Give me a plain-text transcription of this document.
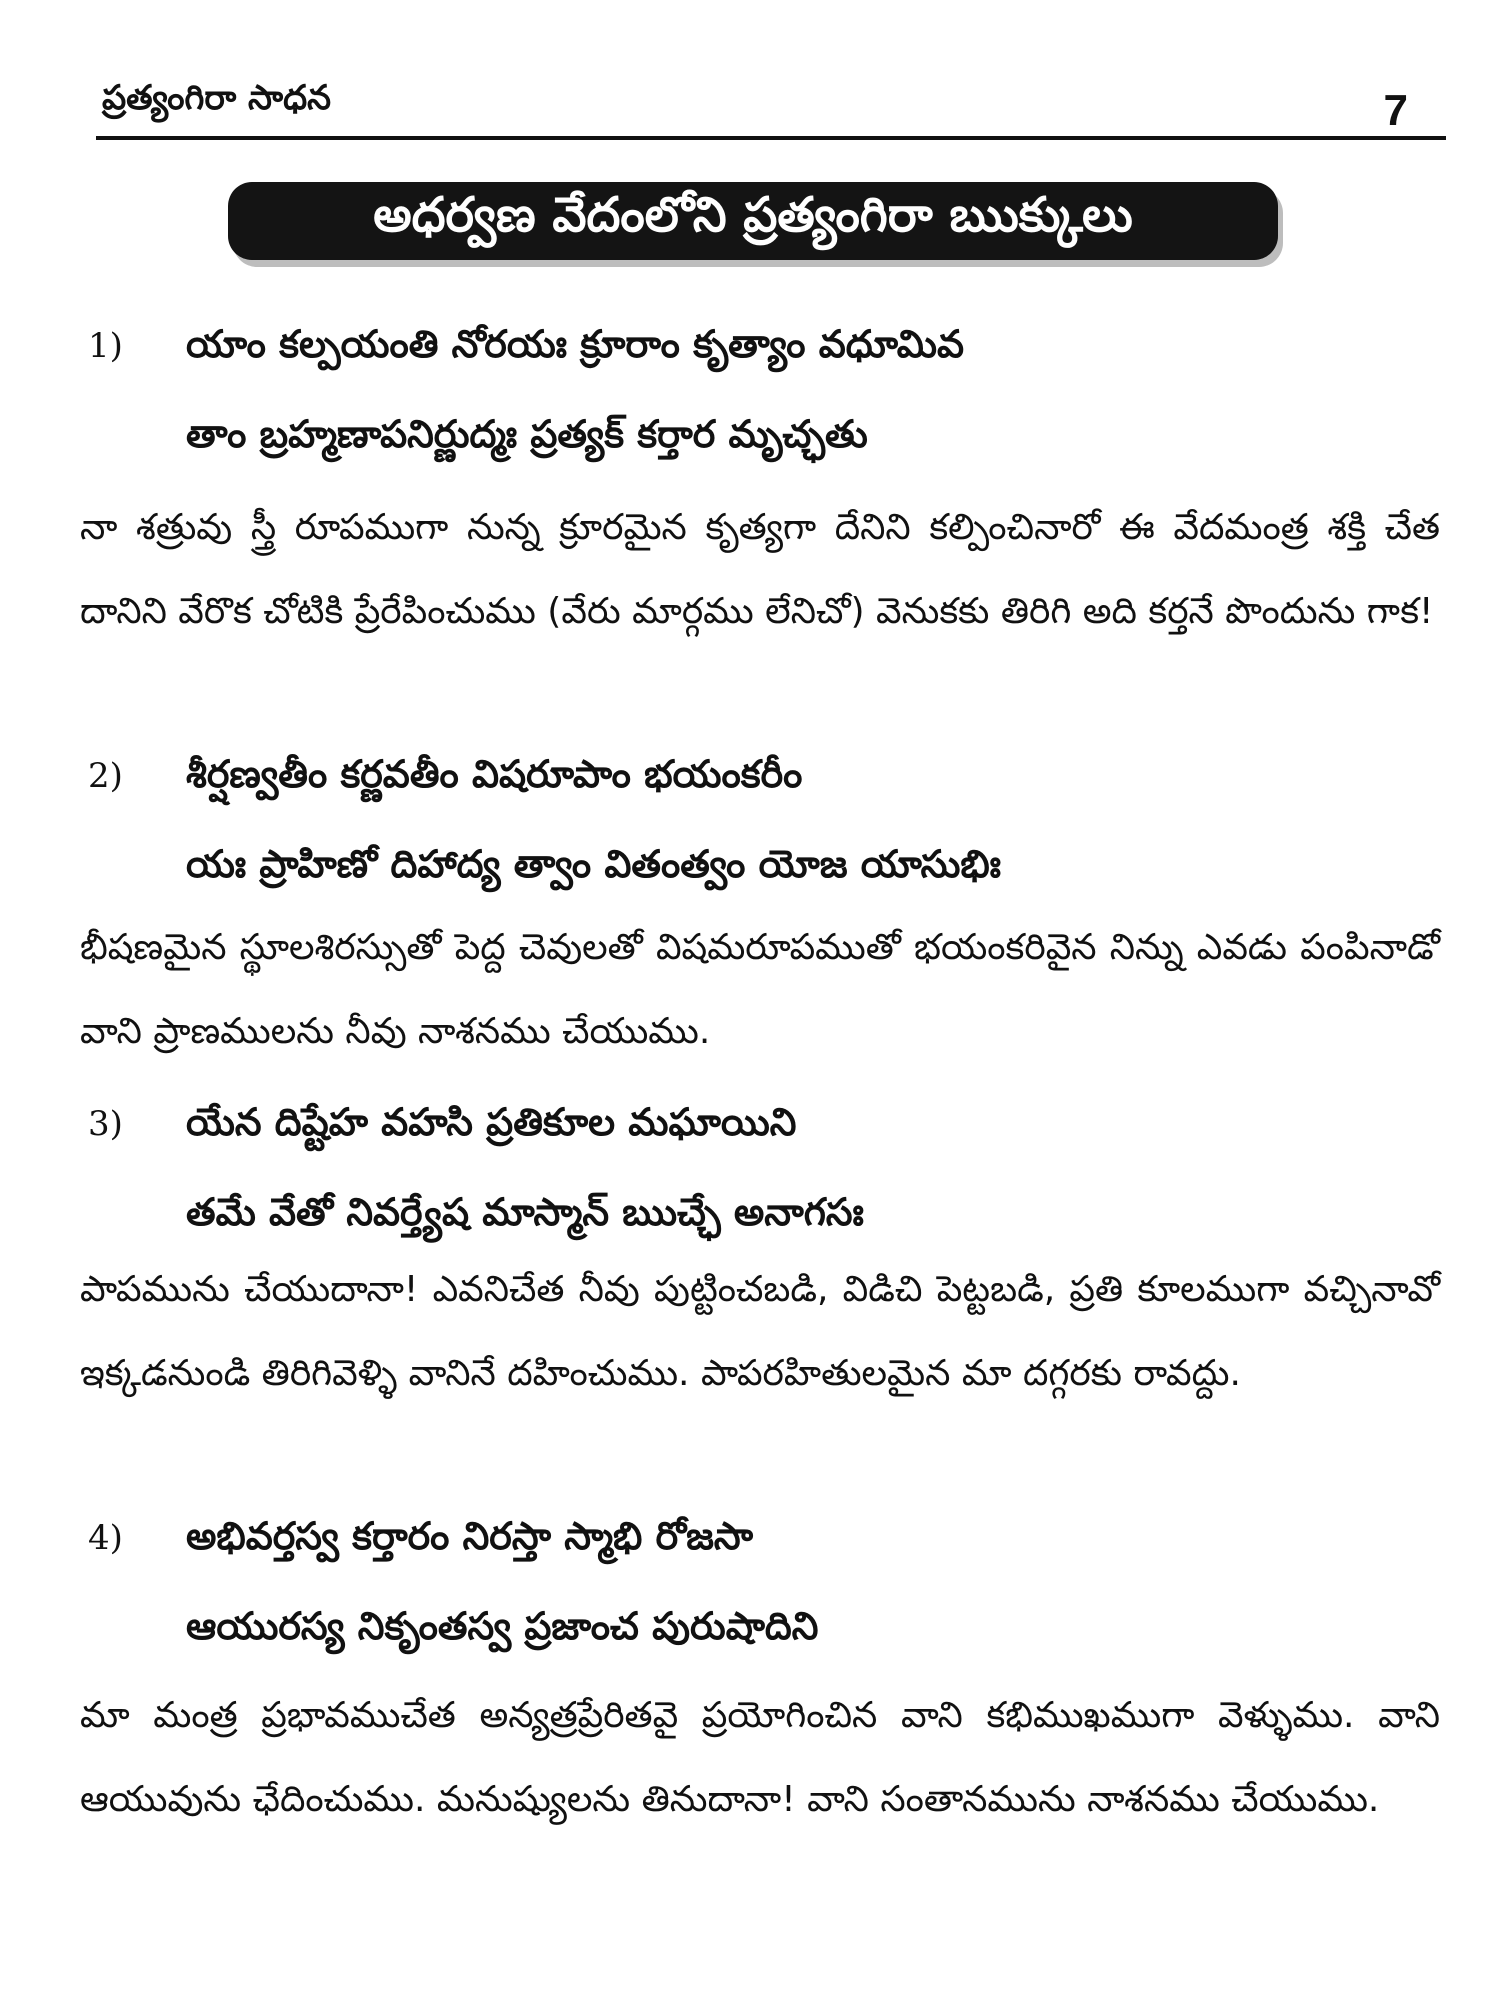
ప్రత్యంగిరా సాధన	7
అధర్వణ వేదంలోని ప్రత్యంగిరా ఋక్కులు
1) యాం కల్పయంతి నోరయః క్రూరాం కృత్యాం వధూమివ
తాం బ్రహ్మణాపనిర్ణుద్మః ప్రత్యక్ కర్తార మృచ్ఛతు
నా శత్రువు స్త్రీ రూపముగా నున్న క్రూరమైన కృత్యగా దేనిని కల్పించినారో ఈ వేదమంత్ర శక్తి చేత దానిని వేరొక చోటికి ప్రేరేపించుము (వేరు మార్గము లేనిచో) వెనుకకు తిరిగి అది కర్తనే పొందును గాక!
2) శీర్షణ్వతీం కర్ణవతీం విషరూపాం భయంకరీం
యః ప్రాహిణో దిహాద్య త్వాం వితంత్వం యోజ యాసుభిః
భీషణమైన స్థూలశిరస్సుతో పెద్ద చెవులతో విషమరూపముతో భయంకరివైన నిన్ను ఎవడు పంపినాడో వాని ప్రాణములను నీవు నాశనము చేయుము.
3) యేన దిష్టేహ వహసి ప్రతికూల మఘాయిని
తమే వేతో నివర్త్యేష మాస్మాన్ ఋచ్ఛే అనాగసః
పాపమును చేయుదానా! ఎవనిచేత నీవు పుట్టించబడి, విడిచి పెట్టబడి, ప్రతి కూలముగా వచ్చినావో ఇక్కడనుండి తిరిగివెళ్ళి వానినే దహించుము. పాపరహితులమైన మా దగ్గరకు రావద్దు.
4) అభివర్తస్వ కర్తారం నిరస్తా స్మాభి రోజసా
ఆయురస్య నికృంతస్వ ప్రజాంచ పురుషాదిని
మా మంత్ర ప్రభావముచేత అన్యత్రప్రేరితవై ప్రయోగించిన వాని కభిముఖముగా వెళ్ళుము. వాని ఆయువును ఛేదించుము. మనుష్యులను తినుదానా! వాని సంతానమును నాశనము చేయుము.
